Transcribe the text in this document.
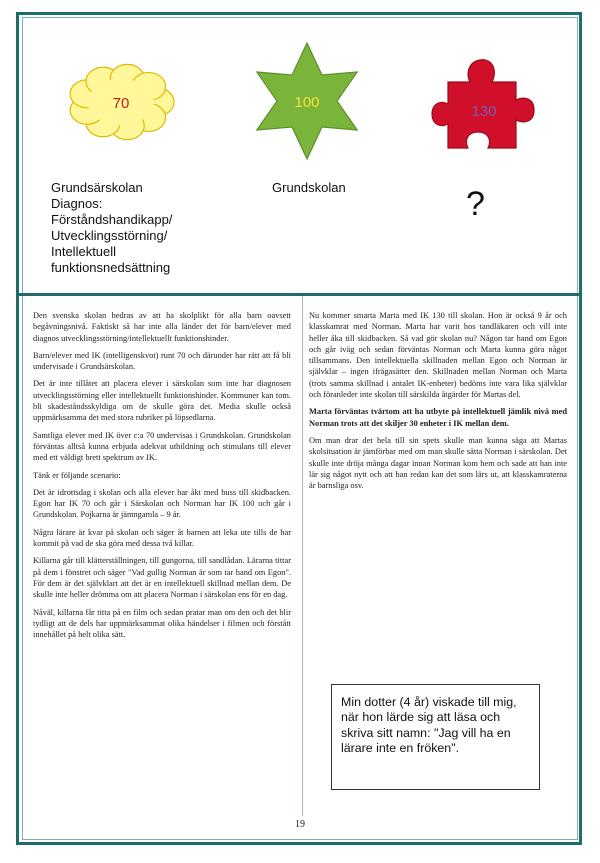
70	100
130
Grundsärskolan
Diagnos:
Förståndshandikapp/
Utvecklingsstörning/
Intellektuell
funktionsnedsättning
Grundskolan	?

Den svenska skolan hedras av att ha skolplikt för alla barn oavsett begåvningsnivå. Faktiskt så har inte alla länder det för barn/elever med diagnos utvecklingsstörning/intellektuellt funktionshinder.

Barn/elever med IK (intelligenskvot) runt 70 och därunder har rätt att få bli undervisade i Grundsärskolan.

Det är inte tillåtet att placera elever i särskolan som inte har diagnosen utvecklingsstörning eller intellektuellt funktionshinder. Kommuner kan tom. bli skadeståndsskyldiga om de skulle göra det. Media skulle också uppmärksamma det med stora rubriker på löpsedlarna.

Samtliga elever med IK över c:a 70 undervisas i Grundskolan. Grundskolan förväntas alltså kunna erbjuda adekvat utbildning och stimulans till elever med ett väldigt brett spektrum av IK.

Tänk er följande scenario:

Det är idrottsdag i skolan och alla elever har åkt med buss till skidbacken. Egon har IK 70 och går i Särskolan och Norman har IK 100 och går i Grundskolan. Pojkarna är jämngamla – 9 år.

Några lärare är kvar på skolan och säger åt barnen att leka ute tills de har kommit på vad de ska göra med dessa två killar.

Killarna går till klätterställningen, till gungorna, till sandlådan. Lärarna tittar på dem i fönstret och säger "Vad gullig Norman är som tar hand om Egon". För dem är det självklart att det är en intellektuell skillnad mellan dem. De skulle inte heller drömma om att placera Norman i särskolan ens för en dag.

Nåväl, killarna får titta på en film och sedan pratar man om den och det blir tydligt att de dels har uppmärksammat olika händelser i filmen och förstått innehållet på helt olika sätt.

Nu kommer smarta Marta med IK 130 till skolan. Hon är också 9 år och klasskamrat med Norman. Marta har varit hos tandläkaren och vill inte heller åka till skidbacken. Så vad gör skolan nu? Någon tar hand om Egon och går iväg och sedan förväntas Norman och Marta kunna göra något tillsammans. Den intellektuella skillnaden mellan Egon och Norman är självklar – ingen ifrågasätter den. Skillnaden mellan Norman och Marta (trots samma skillnad i antalet IK-enheter) bedöms inte vara lika självklar och föranleder inte skolan till särskilda åtgärder för Martas del.

Marta förväntas tvärtom att ha utbyte på intellektuell jämlik nivå med Norman trots att det skiljer 30 enheter i IK mellan dem.

Om man drar det hela till sin spets skulle man kunna säga att Martas skolsituation är jämförbar med om man skulle sätta Norman i särskolan. Det skulle inte dröja många dagar innan Norman kom hem och sade att han inte lär sig något nytt och att han redan kan det som lärs ut, att klasskamraterna är barnsliga osv.

Min dotter (4 år) viskade till mig, när hon lärde sig att läsa och skriva sitt namn: "Jag vill ha en lärare inte en fröken".
19
